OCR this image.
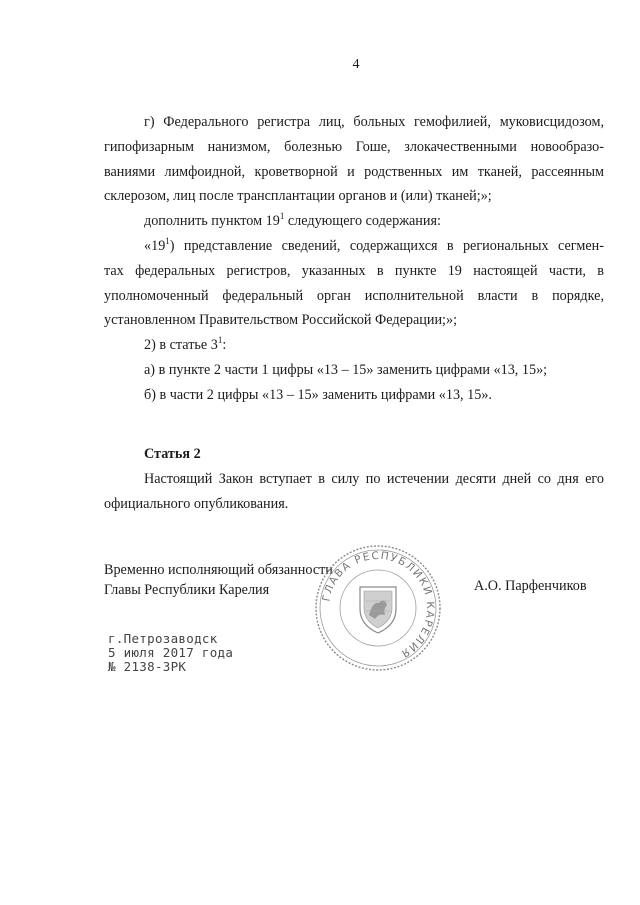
4

г) Федерального регистра лиц, больных гемофилией, муковисцидозом,

гипофизарным нанизмом, болезнью Гоше, злокачественными новообразо-

ваниями лимфоидной, кроветворной и родственных им тканей, рассеянным

склерозом, лиц после трансплантации органов и (или) тканей;»;

дополнить пунктом $19^1$ следующего содержания:

«$19^1$) представление сведений, содержащихся в региональных сегмен-

тах федеральных регистров, указанных в пункте 19 настоящей части, в

уполномоченный федеральный орган исполнительной власти в порядке,

установленном Правительством Российской Федерации;»;

2) в статье $3^1$:

а) в пункте 2 части 1 цифры «13 – 15» заменить цифрами «13, 15»;

б) в части 2 цифры «13 – 15» заменить цифрами «13, 15».

Статья 2

Настоящий Закон вступает в силу по истечении десяти дней со дня его

официального опубликования.

Временно исполняющий обязанности
Главы Республики Карелия	ГЛАВА РЕСПУБЛИКИ КАРЕЛИЯ
А.О. Парфенчиков
г.Петрозаводск
5 июля 2017 года
№ 2138-ЗРК
